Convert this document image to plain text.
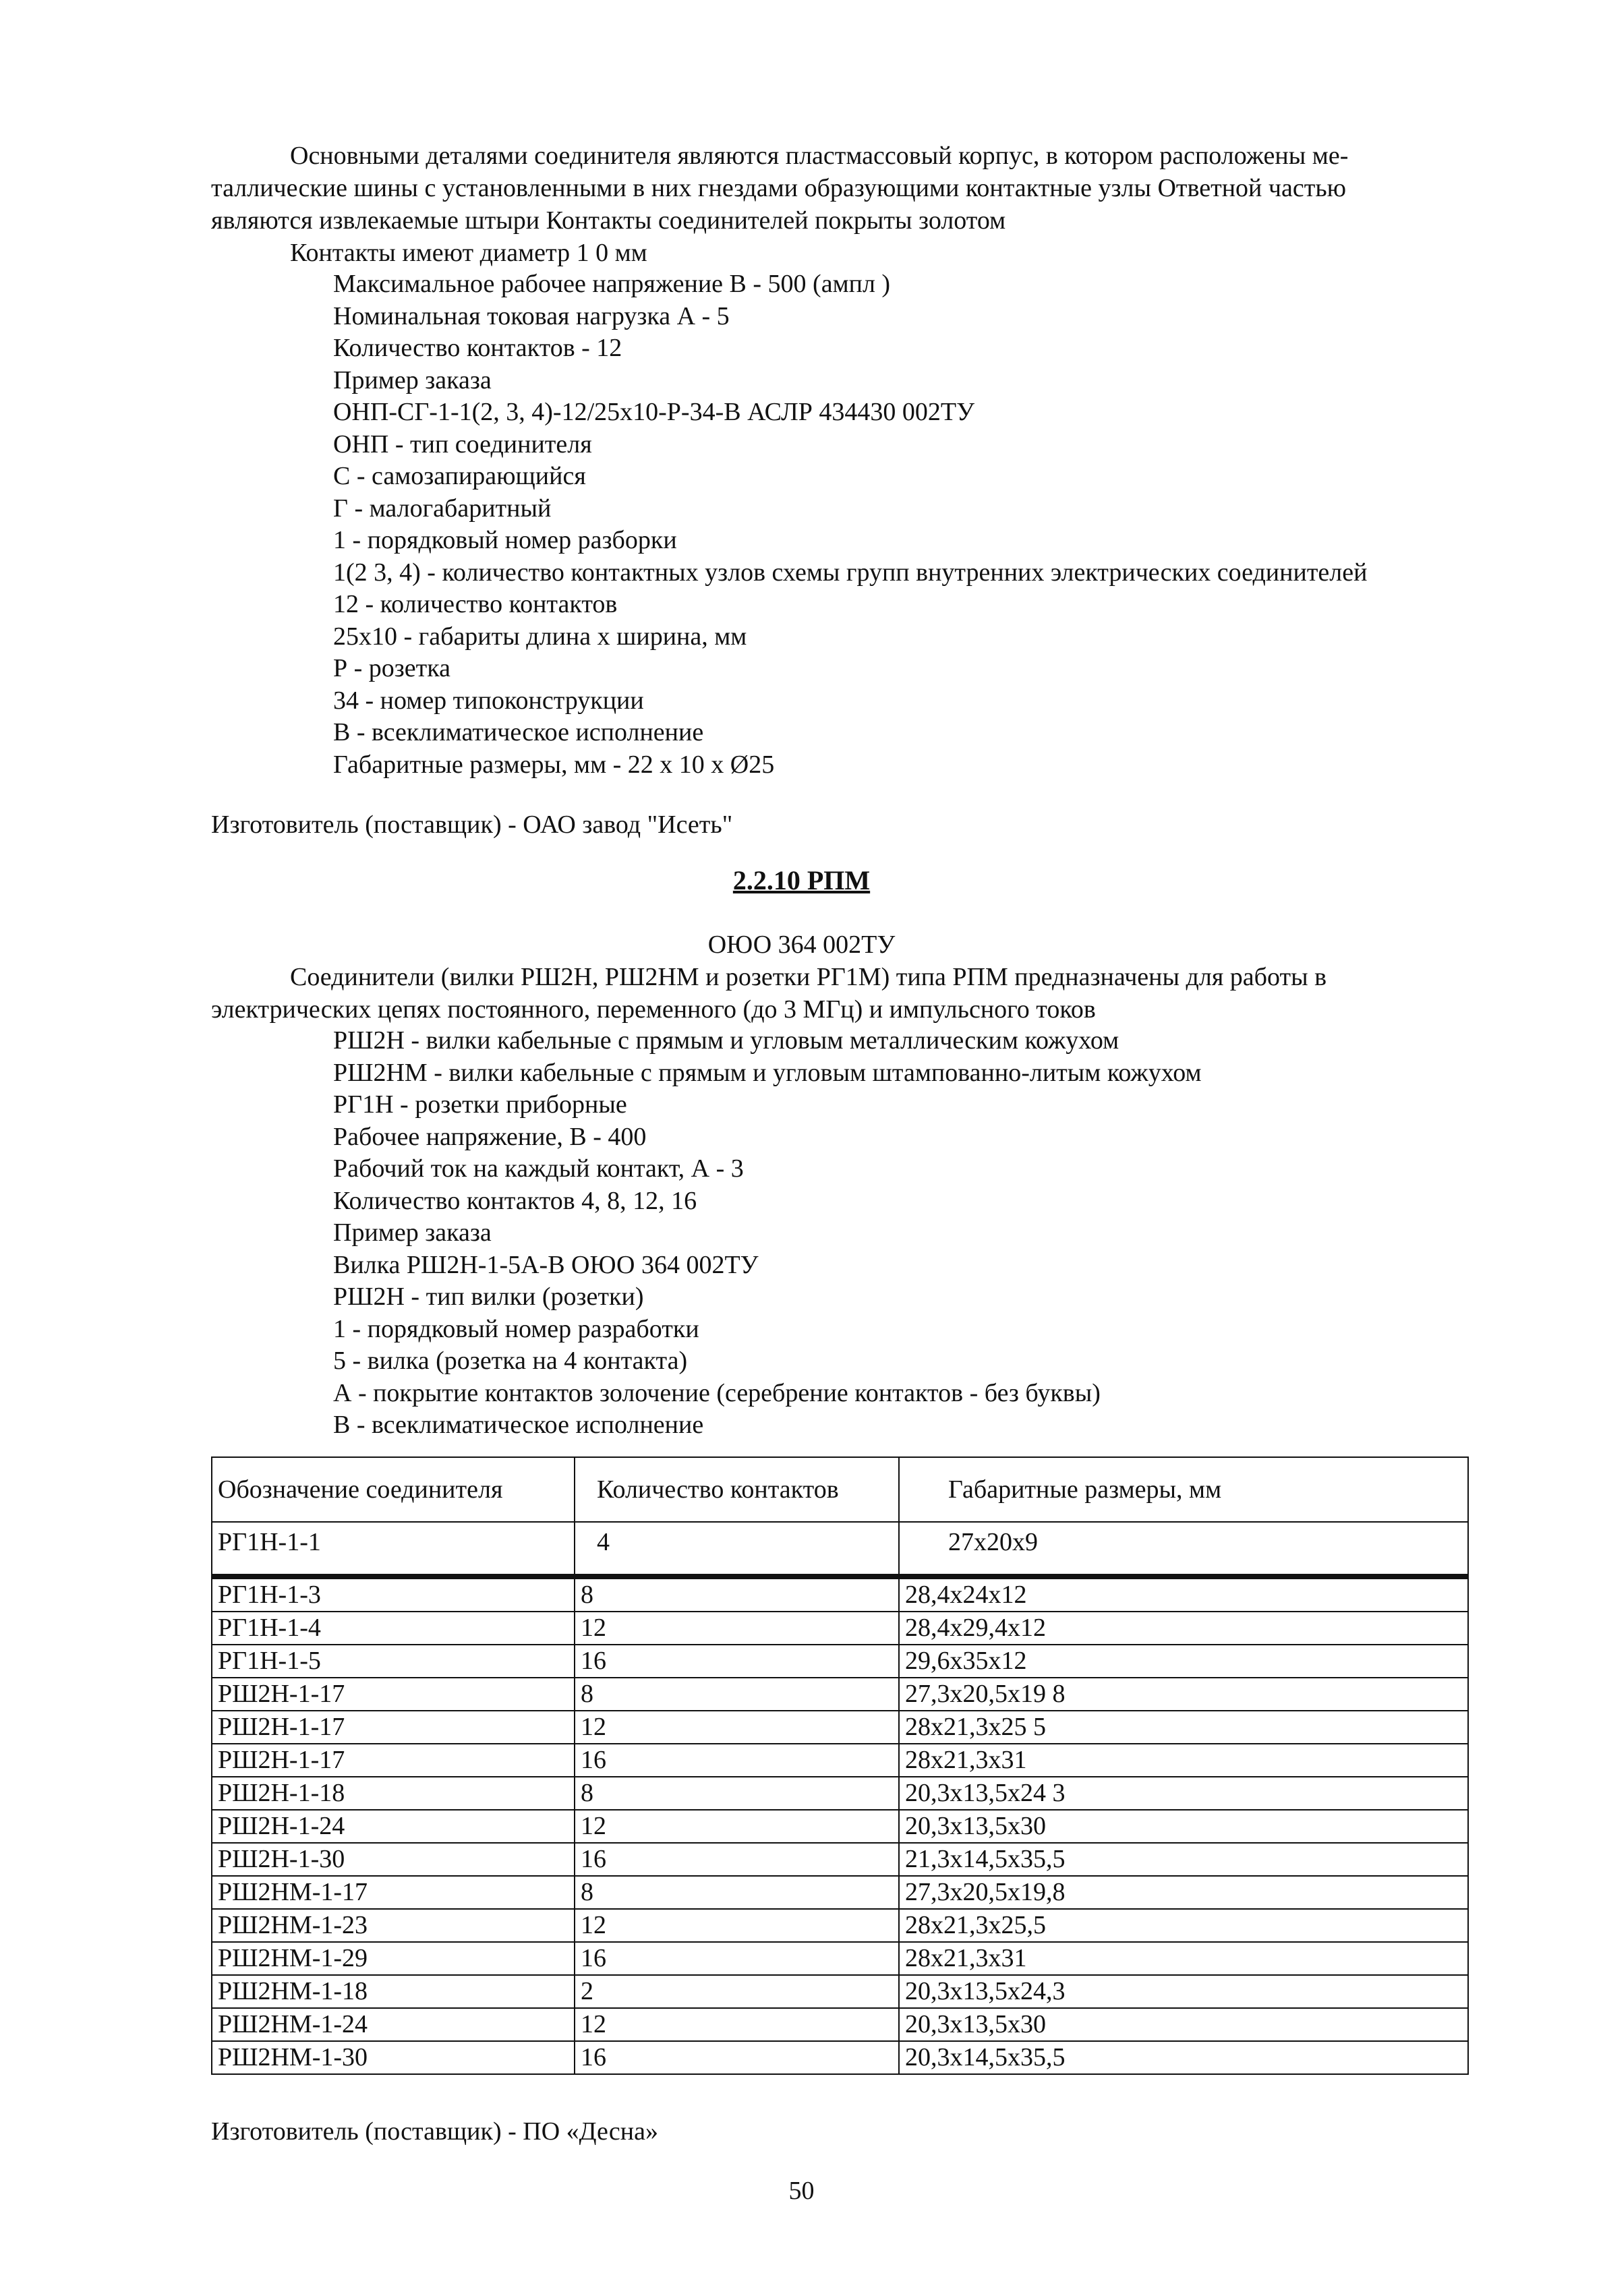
Основными деталями соединителя являются пластмассовый корпус, в котором расположены ме-
таллические шины с установленными в них гнездами образующими контактные узлы Ответной частью
являются извлекаемые штыри Контакты соединителей покрыты золотом
Контакты имеют диаметр 1 0 мм
Максимальное рабочее напряжение В - 500 (ампл )
Номинальная токовая нагрузка А - 5
Количество контактов - 12
Пример заказа
ОНП-СГ-1-1(2, 3, 4)-12/25х10-Р-34-В АСЛР 434430 002ТУ
ОНП - тип соединителя
С - самозапирающийся
Г - малогабаритный
1 - порядковый номер разборки
1(2 3, 4) - количество контактных узлов схемы групп внутренних электрических соединителей
12 - количество контактов
25х10 - габариты длина х ширина, мм
Р - розетка
34 - номер типоконструкции
В - всеклиматическое исполнение
Габаритные размеры, мм - 22 х 10 х Ø25
Изготовитель (поставщик) - ОАО завод "Исеть"
2.2.10 РПМ
ОЮО 364 002ТУ
Соединители (вилки РШ2Н, РШ2НМ и розетки РГ1М) типа РПМ предназначены для работы в
электрических цепях постоянного, переменного (до 3 МГц) и импульсного токов
РШ2Н - вилки кабельные с прямым и угловым металлическим кожухом
РШ2НМ - вилки кабельные с прямым и угловым штампованно-литым кожухом
РГ1Н - розетки приборные
Рабочее напряжение, В - 400
Рабочий ток на каждый контакт, А - 3
Количество контактов 4, 8, 12, 16
Пример заказа
Вилка РШ2Н-1-5А-В ОЮО 364 002ТУ
РШ2Н - тип вилки (розетки)
1 - порядковый номер разработки
5 - вилка (розетка на 4 контакта)
А - покрытие контактов золочение (серебрение контактов - без буквы)
В - всеклиматическое исполнение
Обозначение соединителя	Количество контактов	Габаритные размеры, мм
РГ1Н-1-1	4	27х20х9

РГ1Н-1-3	8	28,4х24х12
РГ1Н-1-4	12	28,4х29,4х12
РГ1Н-1-5	16	29,6х35х12
РШ2Н-1-17	8	27,3х20,5х19 8
РШ2Н-1-17	12	28х21,3х25 5
РШ2Н-1-17	16	28х21,3х31
РШ2Н-1-18	8	20,3х13,5х24 3
РШ2Н-1-24	12	20,3х13,5х30
РШ2Н-1-30	16	21,3х14,5х35,5
РШ2НМ-1-17	8	27,3х20,5х19,8
РШ2НМ-1-23	12	28х21,3х25,5
РШ2НМ-1-29	16	28х21,3х31
РШ2НМ-1-18	2	20,3х13,5х24,3
РШ2НМ-1-24	12	20,3х13,5х30
РШ2НМ-1-30	16	20,3х14,5х35,5
Изготовитель (поставщик) - ПО «Десна»
50
